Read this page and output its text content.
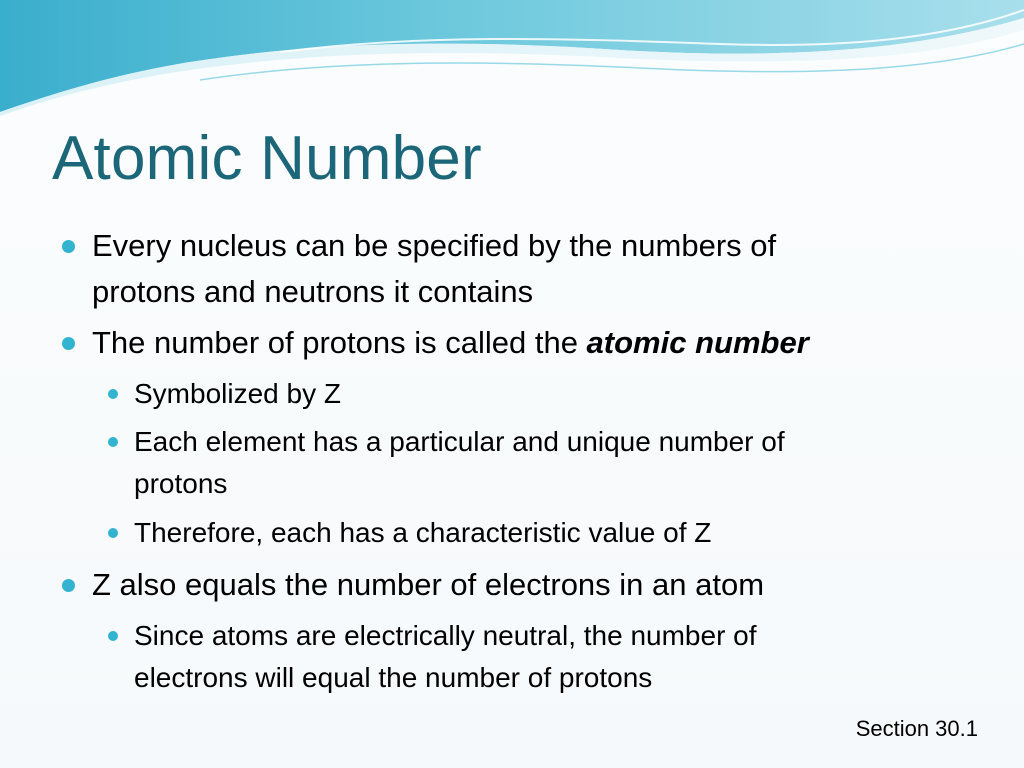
Atomic Number
Every nucleus can be specified by the numbers of
protons and neutrons it contains
The number of protons is called the atomic number
Symbolized by Z
Each element has a particular and unique number of
protons
Therefore, each has a characteristic value of Z
Z also equals the number of electrons in an atom
Since atoms are electrically neutral, the number of
electrons will equal the number of protons
Section 30.1
